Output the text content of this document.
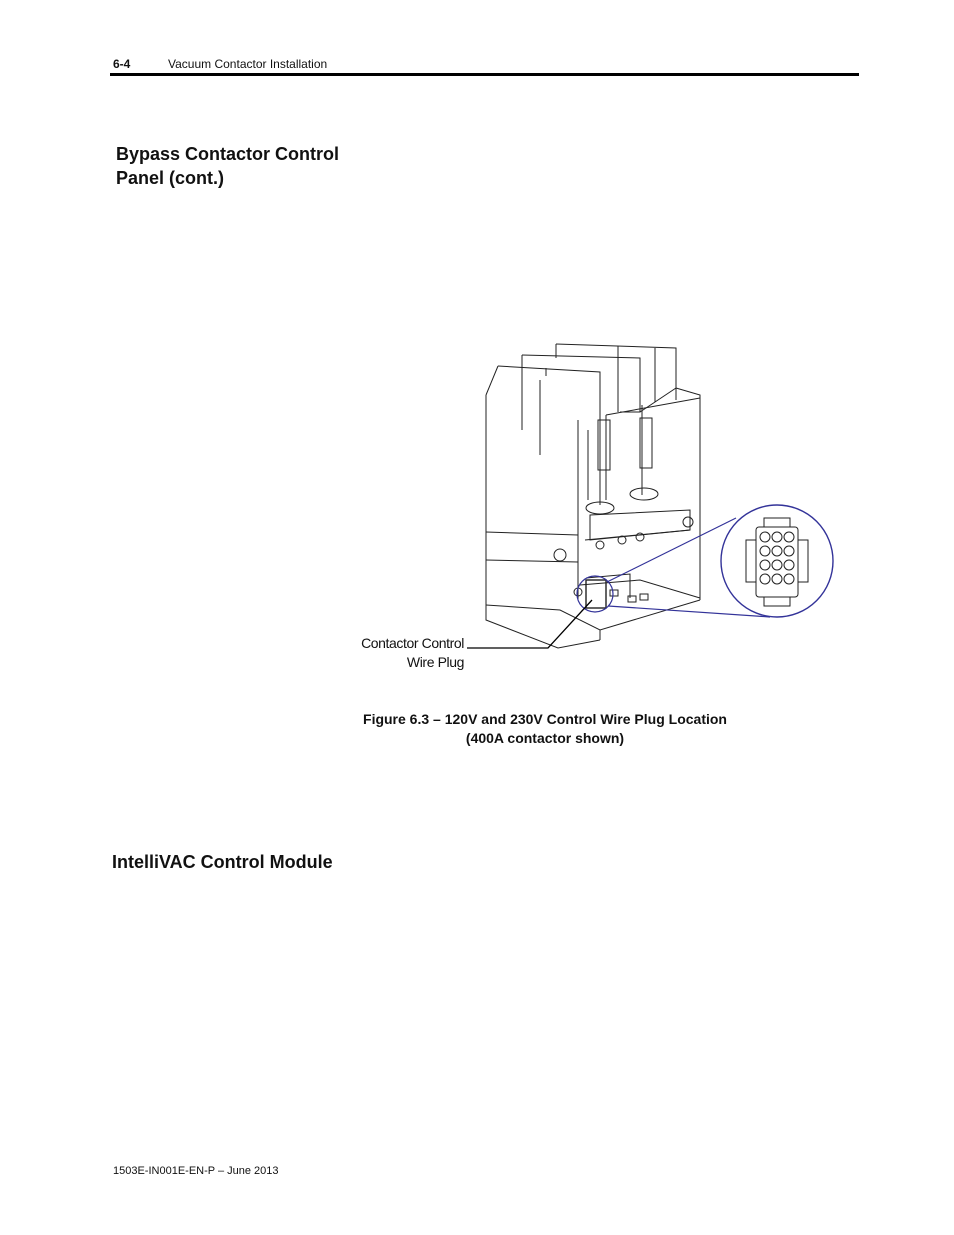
6-4	Vacuum Contactor Installation
Bypass Contactor Control
Panel (cont.)
Contactor Control
Wire Plug
Figure 6.3 – 120V and 230V Control Wire Plug Location
(400A contactor shown)
IntelliVAC Control Module
1503E-IN001E-EN-P – June 2013
